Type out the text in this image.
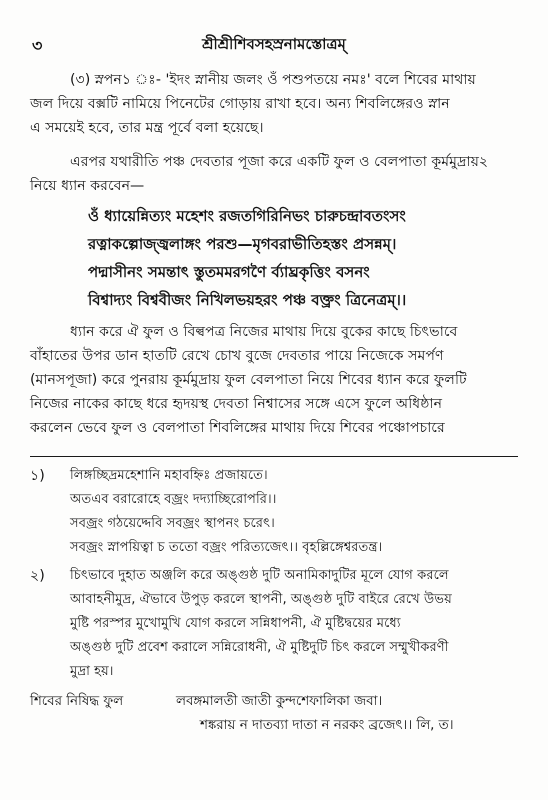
৩	শ্রীশ্রীশিবসহস্রনামস্তোত্রম্
(৩) স্নপন১ ঃ- 'ইদং স্নানীয় জলং ওঁ পশুপতয়ে নমঃ' বলে শিবের মাথায়
জল দিয়ে বক্সটি নামিয়ে পিনেটের গোড়ায় রাখা হবে। অন্য শিবলিঙ্গেরও স্নান
এ সময়েই হবে, তার মন্ত্র পূর্বে বলা হয়েছে।
এরপর যথারীতি পঞ্চ দেবতার পূজা করে একটি ফুল ও বেলপাতা কূর্মমুদ্রায়২
নিয়ে ধ্যান করবেন—
ওঁ ধ্যায়েন্নিত্যং মহেশং রজতগিরিনিভং চারুচন্দ্রাবতংসং
রত্নাকল্পোজ্জ্বলাঙ্গং পরশু—মৃগবরাভীতিহস্তং প্রসন্নম্।
পদ্মাসীনং সমন্তাৎ স্তুতমমরগণৈ র্ব্যাঘ্রকৃত্তিং বসনং
বিশ্বাদ্যং বিশ্ববীজং নিখিলভয়হরং পঞ্চ বক্ত্রং ত্রিনেত্রম্।।
ধ্যান করে ঐ ফুল ও বিল্বপত্র নিজের মাথায় দিয়ে বুকের কাছে চিৎভাবে
বাঁহাতের উপর ডান হাতটি রেখে চোখ বুজে দেবতার পায়ে নিজেকে সমর্পণ
(মানসপূজা) করে পুনরায় কূর্মমুদ্রায় ফুল বেলপাতা নিয়ে শিবের ধ্যান করে ফুলটি
নিজের নাকের কাছে ধরে হৃদয়স্থ দেবতা নিশ্বাসের সঙ্গে এসে ফুলে অধিষ্ঠান
করলেন ভেবে ফুল ও বেলপাতা শিবলিঙ্গের মাথায় দিয়ে শিবের পঞ্চোপচারে
১) লিঙ্গচ্ছিদ্রমহেশানি মহাবহ্নিঃ প্রজায়তে।
অতএব বরারোহে বজ্রং দদ্যাচ্ছিরোপরি।।
সবজ্রং গঠয়েদ্দেবি সবজ্রং স্থাপনং চরেৎ।
সবজ্রং স্নাপয়িত্বা চ ততো বজ্রং পরিত্যজেৎ।। বৃহল্লিঙ্গেশ্বরতন্ত্র।
২) চিৎভাবে দুহাত অঞ্জলি করে অঙ্গুষ্ঠ দুটি অনামিকাদুটির মূলে যোগ করলে
আবাহনীমুদ্র, ঐভাবে উপুড় করলে স্থাপনী, অঙ্গুষ্ঠ দুটি বাইরে রেখে উভয়
মুষ্টি পরস্পর মুখোমুখি যোগ করলে সন্নিধাপনী, ঐ মুষ্টিদ্বয়ের মধ্যে
অঙ্গুষ্ঠ দুটি প্রবেশ করালে সন্নিরোধনী, ঐ মুষ্টিদুটি চিৎ করলে সম্মুখীকরণী
মুদ্রা হয়।
শিবের নিষিদ্ধ ফুল	লবঙ্গমালতী জাতী কুন্দশেফালিকা জবা।
শঙ্করায় ন দাতব্যা দাতা ন নরকং ব্রজেৎ।। লি, ত।
